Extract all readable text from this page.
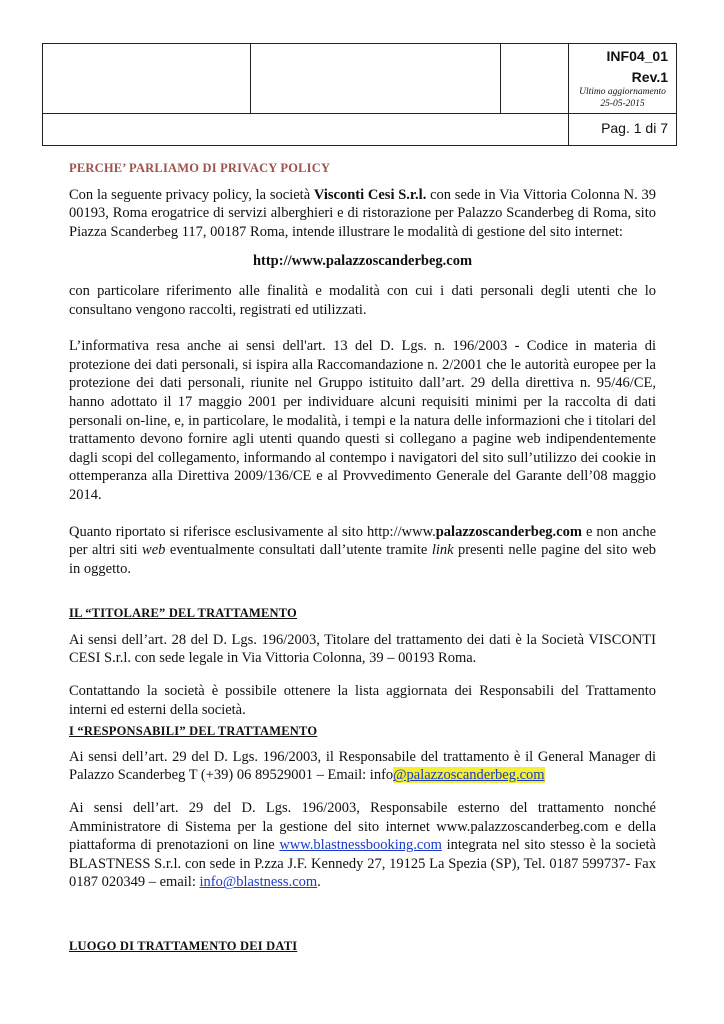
			INF04_01
Rev.1
Ultimo aggiornamento
25-05-2015

			Pag. 1 di 7
PERCHE’ PARLIAMO DI PRIVACY POLICY

Con la seguente privacy policy, la società Visconti Cesi S.r.l. con sede in Via Vittoria Colonna N. 39 00193, Roma erogatrice di servizi alberghieri e di ristorazione per Palazzo Scanderbeg di Roma, sito Piazza Scanderbeg 117, 00187 Roma, intende illustrare le modalità di gestione del sito internet:

http://www.palazzoscanderbeg.com

con particolare riferimento alle finalità e modalità con cui i dati personali degli utenti che lo consultano vengono raccolti, registrati ed utilizzati.

L’informativa resa anche ai sensi dell'art. 13 del D. Lgs. n. 196/2003 - Codice in materia di protezione dei dati personali, si ispira alla Raccomandazione n. 2/2001 che le autorità europee per la protezione dei dati personali, riunite nel Gruppo istituito dall’art. 29 della direttiva n. 95/46/CE, hanno adottato il 17 maggio 2001 per individuare alcuni requisiti minimi per la raccolta di dati personali on-line, e, in particolare, le modalità, i tempi e la natura delle informazioni che i titolari del trattamento devono fornire agli utenti quando questi si collegano a pagine web indipendentemente dagli scopi del collegamento, informando al contempo i navigatori del sito sull’utilizzo dei cookie in ottemperanza alla Direttiva 2009/136/CE e al Provvedimento Generale del Garante dell’08 maggio 2014.

Quanto riportato si riferisce esclusivamente al sito http://www.palazzoscanderbeg.com e non anche per altri siti web eventualmente consultati dall’utente tramite link presenti nelle pagine del sito web in oggetto.

IL “TITOLARE” DEL TRATTAMENTO

Ai sensi dell’art. 28 del D. Lgs. 196/2003, Titolare del trattamento dei dati è la Società VISCONTI CESI S.r.l. con sede legale in Via Vittoria Colonna, 39 – 00193 Roma.

Contattando la società è possibile ottenere la lista aggiornata dei Responsabili del Trattamento interni ed esterni della società.

I “RESPONSABILI” DEL TRATTAMENTO

Ai sensi dell’art. 29 del D. Lgs. 196/2003, il Responsabile del trattamento è il General Manager di Palazzo Scanderbeg T (+39) 06 89529001 – Email: info@palazzoscanderbeg.com

Ai sensi dell’art. 29 del D. Lgs. 196/2003, Responsabile esterno del trattamento nonché Amministratore di Sistema per la gestione del sito internet www.palazzoscanderbeg.com e della piattaforma di prenotazioni on line www.blastnessbooking.com integrata nel sito stesso è la società BLASTNESS S.r.l. con sede in P.zza J.F. Kennedy 27, 19125 La Spezia (SP), Tel. 0187 599737- Fax 0187 020349 – email: info@blastness.com.

LUOGO DI TRATTAMENTO DEI DATI
